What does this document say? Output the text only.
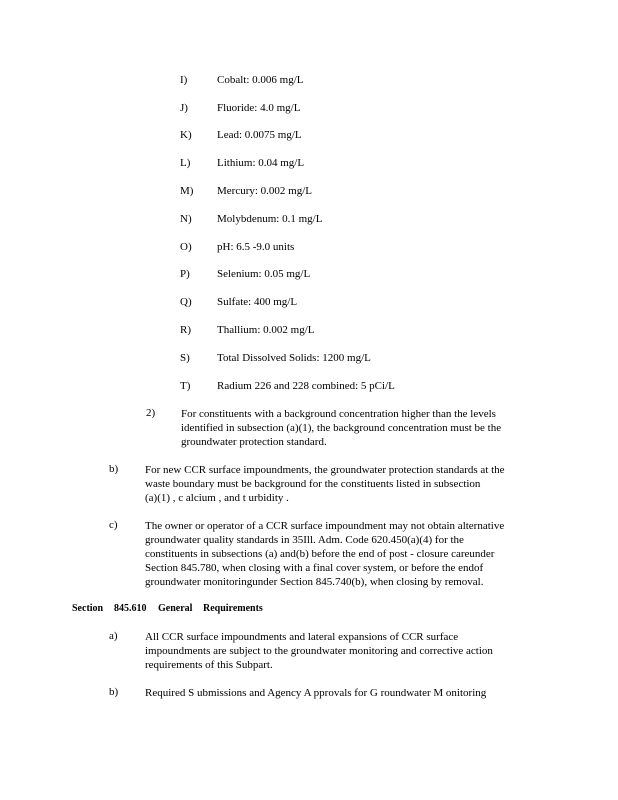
I)	Cobalt: 0.006 mg/L
J)	Fluoride: 4.0 mg/L
K) Lead: 0.0075 mg/L
L) Lithium: 0.04 mg/L
M) Mercury: 0.002 mg/L
N) Molybdenum: 0.1 mg/L
O) pH: 6.5 -9.0 units
P) Selenium: 0.05 mg/L
Q) Sulfate: 400 mg/L
R) Thallium: 0.002 mg/L
S) Total Dissolved Solids: 1200 mg/L
T) Radium 226 and 228 combined: 5 pCi/L
2) For constituents with a background concentration higher than the levels
identified in subsection (a)(1), the background concentration must be the
groundwater protection standard.
b) For new CCR surface impoundments, the groundwater protection standards at the
waste boundary must be background for the constituents listed in subsection
(a)(1) , c alcium , and t urbidity .
c) The owner or operator of a CCR surface impoundment may not obtain alternative
groundwater quality standards in 35Ill. Adm. Code 620.450(a)(4) for the
constituents in subsections (a) and(b) before the end of post - closure careunder
Section 845.780, when closing with a final cover system, or before the endof
groundwater monitoringunder Section 845.740(b), when closing by removal.
Section 845.610 General Requirements
a) All CCR surface impoundments and lateral expansions of CCR surface
impoundments are subject to the groundwater monitoring and corrective action
requirements of this Subpart.
b) Required S ubmissions and Agency A pprovals for G roundwater M onitoring
